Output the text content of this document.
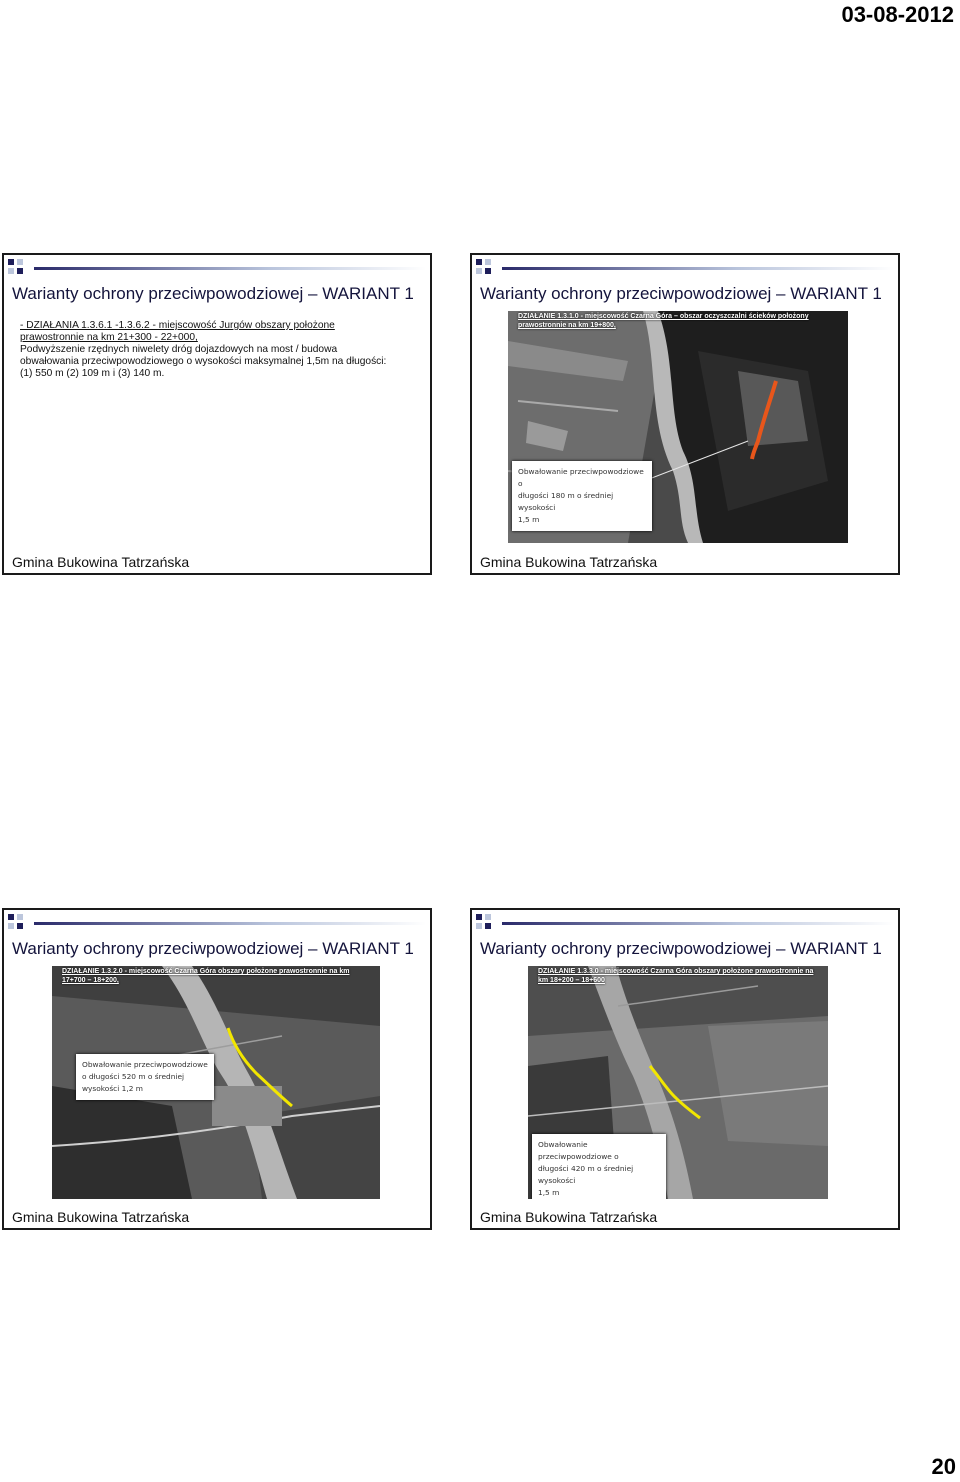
03-08-2012
Warianty ochrony przeciwpowodziowej – WARIANT 1
- DZIAŁANIA 1.3.6.1 -1.3.6.2 - miejscowość Jurgów obszary położone
prawostronnie na km 21+300 - 22+000,
Podwyższenie rzędnych niwelety dróg dojazdowych na most / budowa
obwałowania przeciwpowodziowego o wysokości maksymalnej 1,5m na długości:
(1) 550 m (2) 109 m i (3) 140 m.
Gmina Bukowina Tatrzańska
Warianty ochrony przeciwpowodziowej – WARIANT 1
DZIAŁANIE 1.3.1.0 - miejscowość Czarna Góra – obszar oczyszczalni ścieków położony prawostronnie na km 19+800,
Obwałowanie przeciwpowodziowe o
długości 180 m o średniej wysokości
1,5 m
Gmina Bukowina Tatrzańska
Warianty ochrony przeciwpowodziowej – WARIANT 1
DZIAŁANIE 1.3.2.0 - miejscowość Czarna Góra obszary położone prawostronnie na km 17+700 – 18+200,
Obwałowanie przeciwpowodziowe
o długości 520 m o średniej
wysokości 1,2 m
Gmina Bukowina Tatrzańska
Warianty ochrony przeciwpowodziowej – WARIANT 1
DZIAŁANIE 1.3.3.0 - miejscowość Czarna Góra obszary położone prawostronnie na km 18+200 – 18+600
Obwałowanie przeciwpowodziowe o
długości 420 m o średniej wysokości
1,5 m
Gmina Bukowina Tatrzańska
20
